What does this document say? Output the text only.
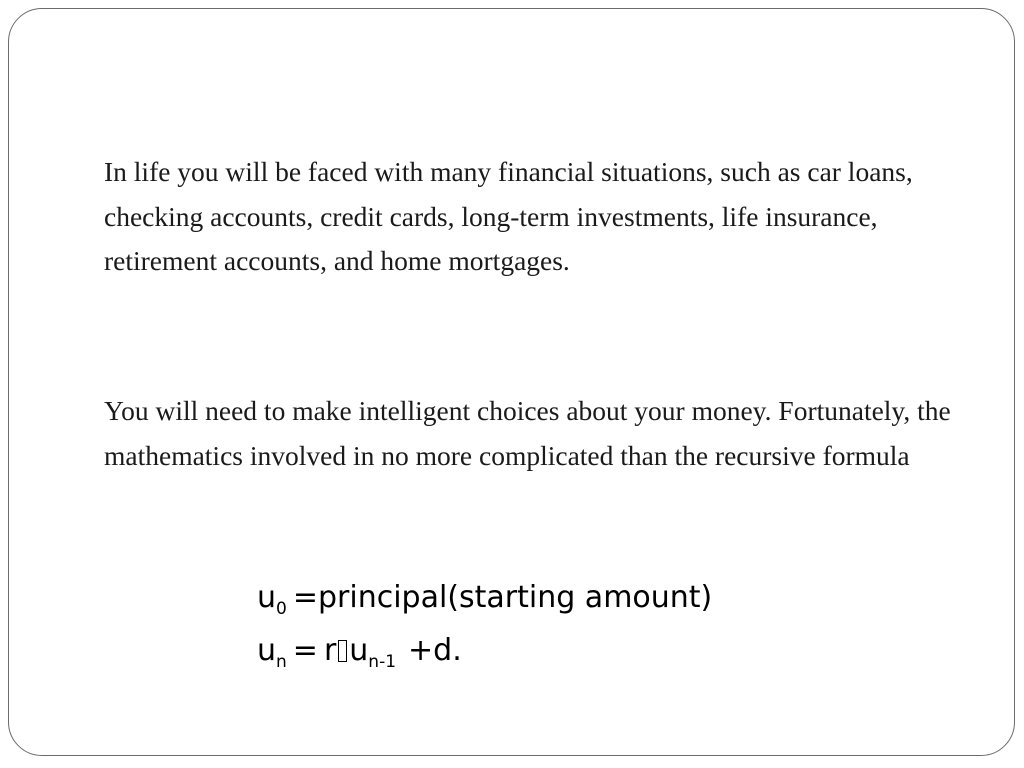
In life you will be faced with many financial situations, such as car loans, checking accounts, credit cards, long-term investments, life insurance, retirement accounts, and home mortgages.

You will need to make intelligent choices about your money. Fortunately, the mathematics involved in no more complicated than the recursive formula

$u_0$ =principal(starting amount)
$u_n = r$ $u_{n-1} +d$.
